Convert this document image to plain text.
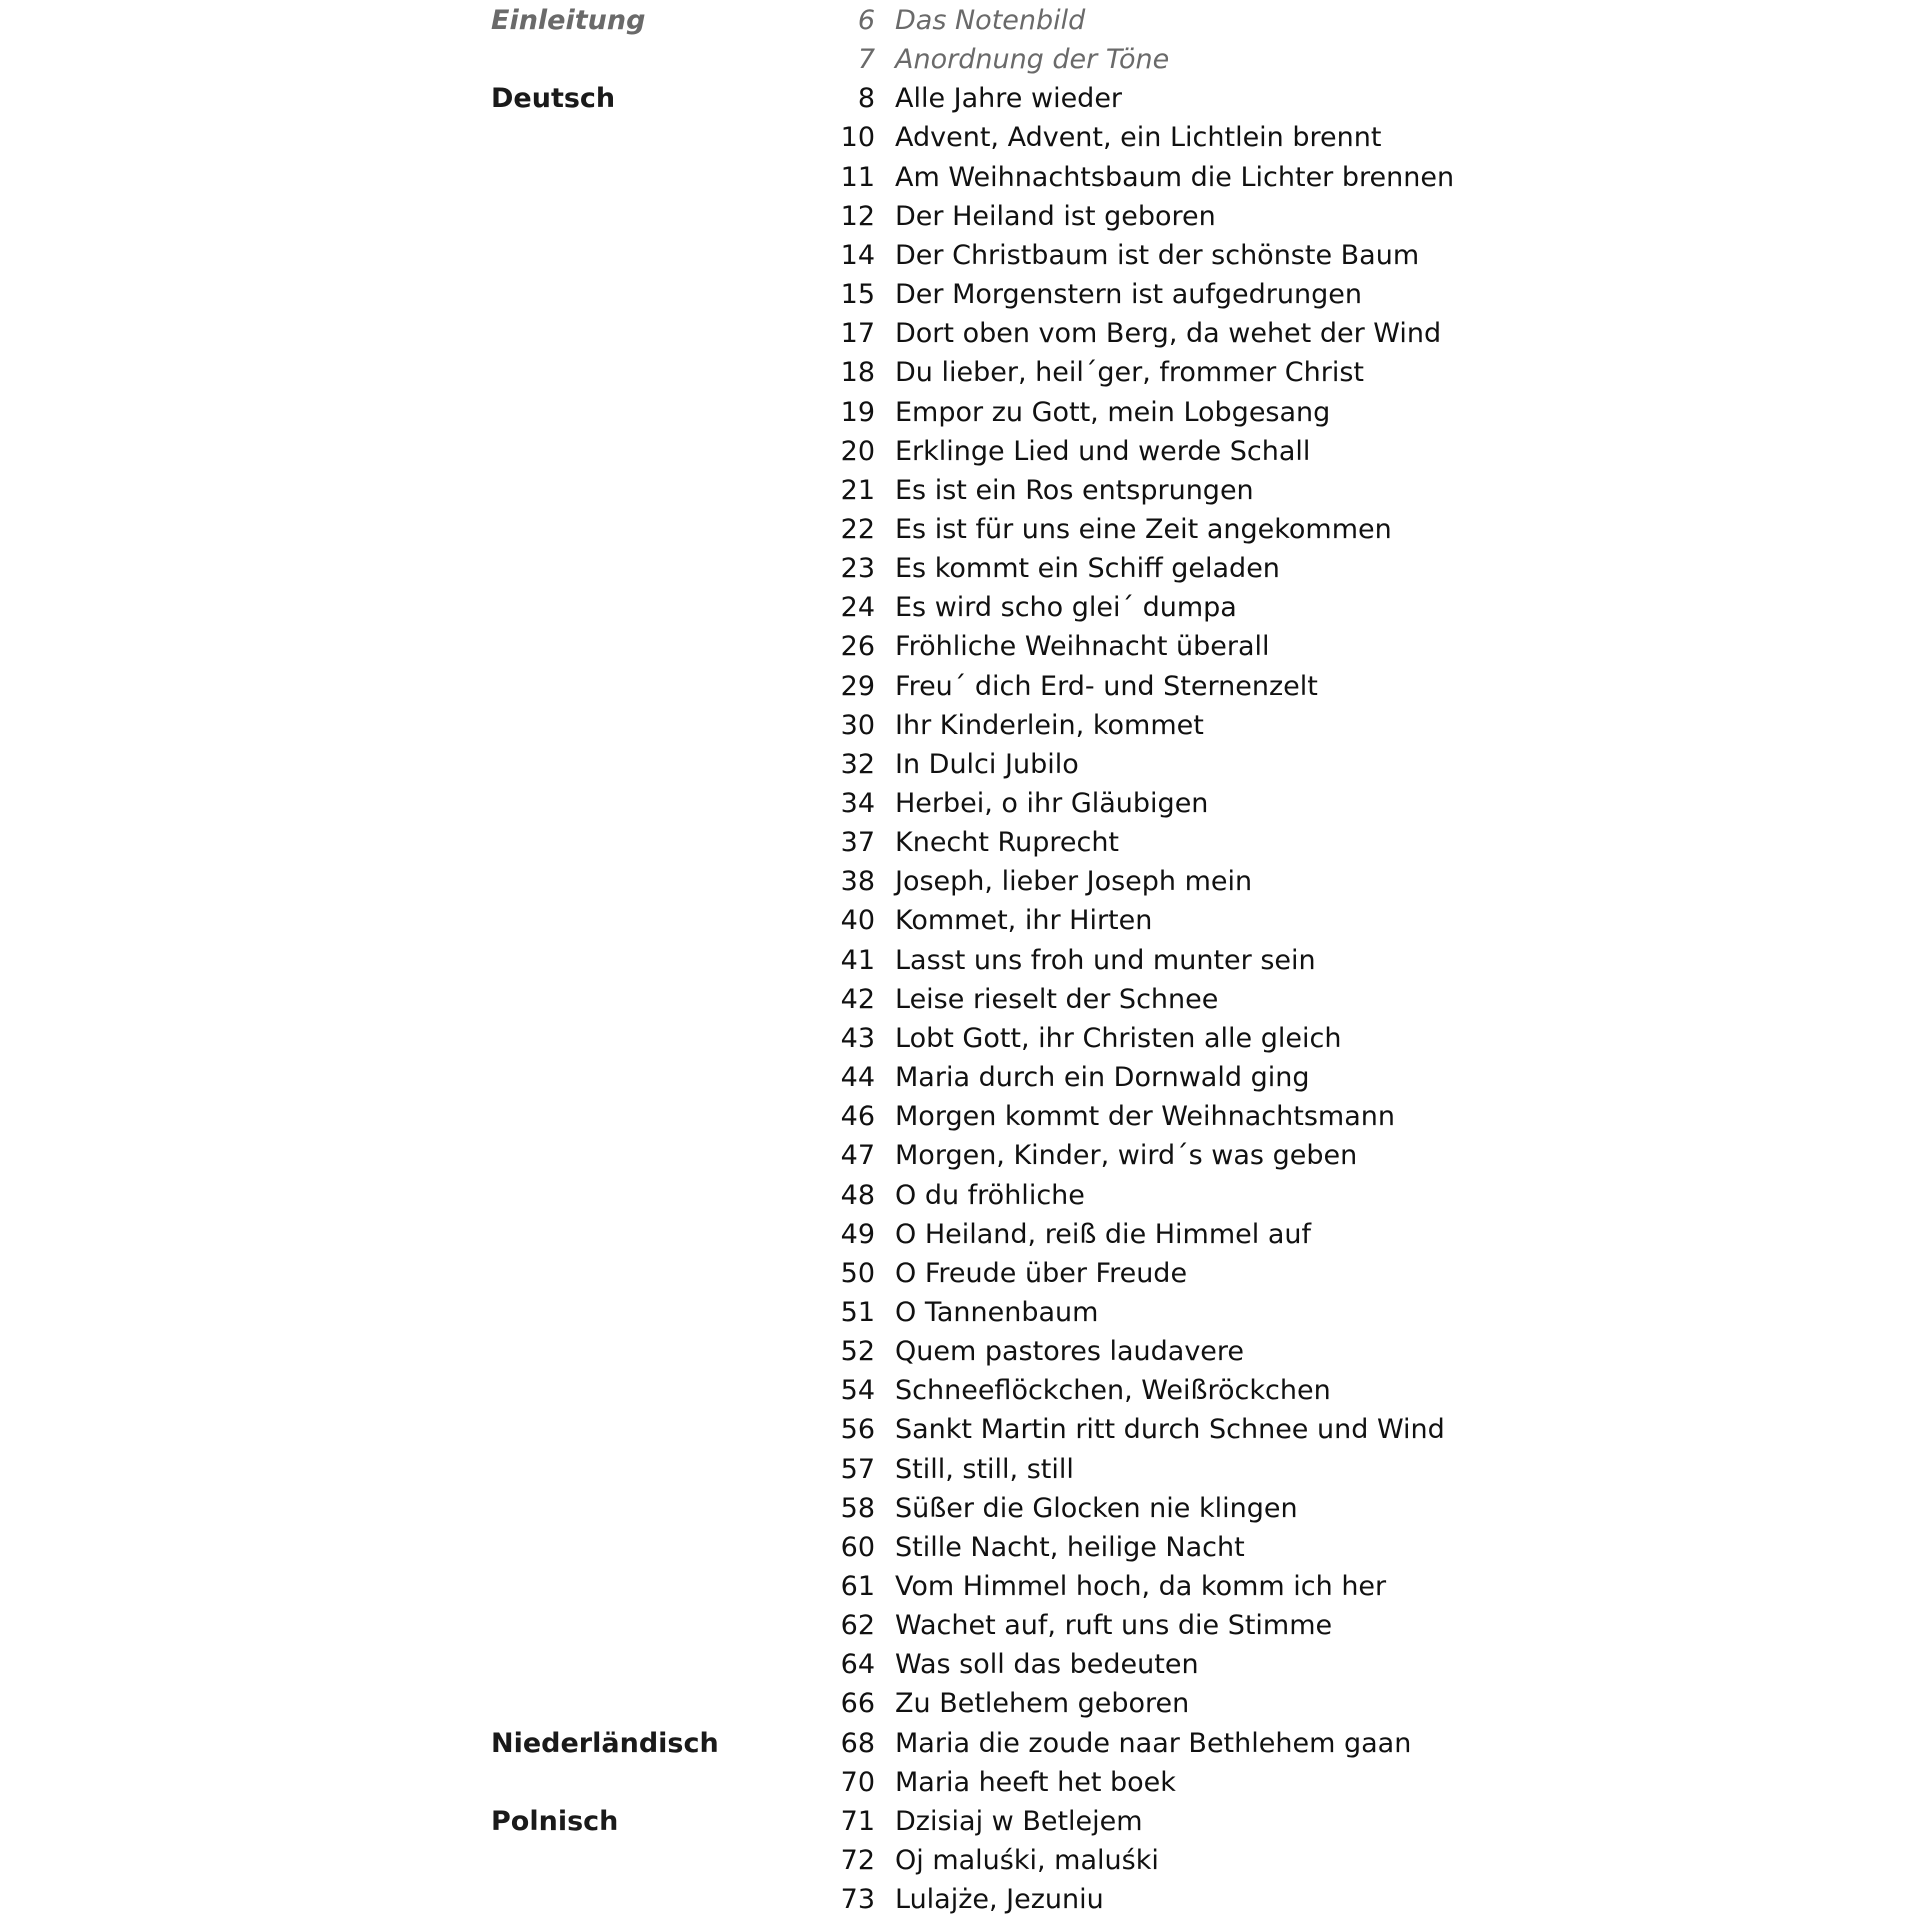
Einleitung	6 Das Notenbild
7 Anordnung der Töne
Deutsch	8 Alle Jahre wieder
10 Advent, Advent, ein Lichtlein brennt
11 Am Weihnachtsbaum die Lichter brennen
12 Der Heiland ist geboren
14 Der Christbaum ist der schönste Baum
15 Der Morgenstern ist aufgedrungen
17 Dort oben vom Berg, da wehet der Wind
18 Du lieber, heil´ger, frommer Christ
19 Empor zu Gott, mein Lobgesang
20 Erklinge Lied und werde Schall
21 Es ist ein Ros entsprungen
22 Es ist für uns eine Zeit angekommen
23 Es kommt ein Schiff geladen
24 Es wird scho glei´ dumpa
26 Fröhliche Weihnacht überall
29 Freu´ dich Erd- und Sternenzelt
30 Ihr Kinderlein, kommet
32 In Dulci Jubilo
34 Herbei, o ihr Gläubigen
37 Knecht Ruprecht
38 Joseph, lieber Joseph mein
40 Kommet, ihr Hirten
41 Lasst uns froh und munter sein
42 Leise rieselt der Schnee
43 Lobt Gott, ihr Christen alle gleich
44 Maria durch ein Dornwald ging
46 Morgen kommt der Weihnachtsmann
47 Morgen, Kinder, wird´s was geben
48 O du fröhliche
49 O Heiland, reiß die Himmel auf
50 O Freude über Freude
51 O Tannenbaum
52 Quem pastores laudavere
54 Schneeflöckchen, Weißröckchen
56 Sankt Martin ritt durch Schnee und Wind
57 Still, still, still
58 Süßer die Glocken nie klingen
60 Stille Nacht, heilige Nacht
61 Vom Himmel hoch, da komm ich her
62 Wachet auf, ruft uns die Stimme
64 Was soll das bedeuten
66 Zu Betlehem geboren
Niederländisch	68 Maria die zoude naar Bethlehem gaan
70 Maria heeft het boek
Polnisch	71 Dzisiaj w Betlejem
72 Oj maluśki, maluśki
73 Lulajże, Jezuniu
